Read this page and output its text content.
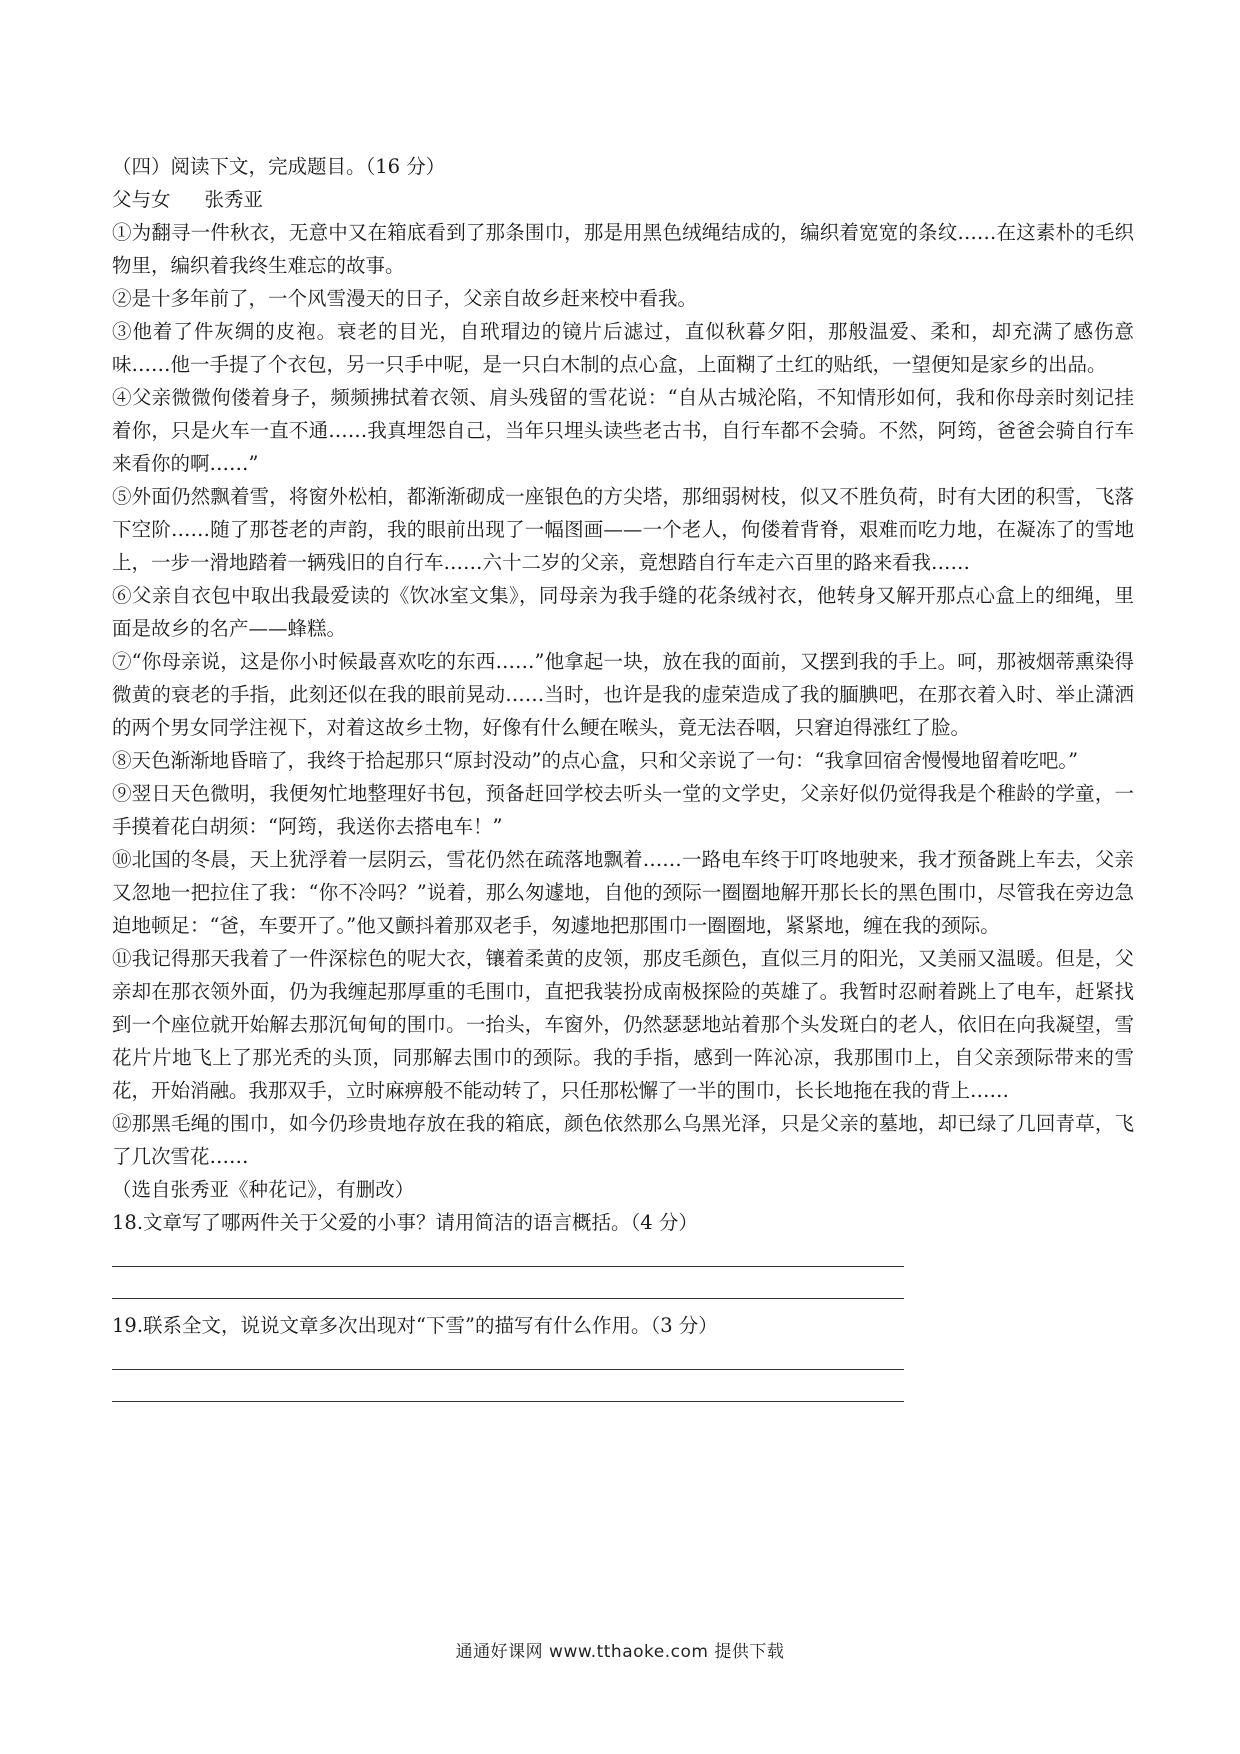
（四）阅读下文，完成题目。（16 分）

父与女 张秀亚

①为翻寻一件秋衣，无意中又在箱底看到了那条围巾，那是用黑色绒绳结成的，编织着宽宽的条纹……在这素朴的毛织物里，编织着我终生难忘的故事。

②是十多年前了，一个风雪漫天的日子，父亲自故乡赶来校中看我。

③他着了件灰绸的皮袍。衰老的目光，自玳瑁边的镜片后滤过，直似秋暮夕阳，那般温爱、柔和，却充满了感伤意味……他一手提了个衣包，另一只手中呢，是一只白木制的点心盒，上面糊了土红的贴纸，一望便知是家乡的出品。

④父亲微微佝偻着身子，频频拂拭着衣领、肩头残留的雪花说：“自从古城沦陷，不知情形如何，我和你母亲时刻记挂着你，只是火车一直不通……我真埋怨自己，当年只埋头读些老古书，自行车都不会骑。不然，阿筠，爸爸会骑自行车来看你的啊……”

⑤外面仍然飘着雪，将窗外松柏，都渐渐砌成一座银色的方尖塔，那细弱树枝，似又不胜负荷，时有大团的积雪，飞落下空阶……随了那苍老的声韵，我的眼前出现了一幅图画——一个老人，佝偻着背脊，艰难而吃力地，在凝冻了的雪地上，一步一滑地踏着一辆残旧的自行车……六十二岁的父亲，竟想踏自行车走六百里的路来看我……

⑥父亲自衣包中取出我最爱读的《饮冰室文集》，同母亲为我手缝的花条绒衬衣，他转身又解开那点心盒上的细绳，里面是故乡的名产——蜂糕。

⑦“你母亲说，这是你小时候最喜欢吃的东西……”他拿起一块，放在我的面前，又摆到我的手上。呵，那被烟蒂熏染得微黄的衰老的手指，此刻还似在我的眼前晃动……当时，也许是我的虚荣造成了我的腼腆吧，在那衣着入时、举止潇洒的两个男女同学注视下，对着这故乡土物，好像有什么鲠在喉头，竟无法吞咽，只窘迫得涨红了脸。

⑧天色渐渐地昏暗了，我终于拾起那只“原封没动”的点心盒，只和父亲说了一句：“我拿回宿舍慢慢地留着吃吧。”

⑨翌日天色微明，我便匆忙地整理好书包，预备赶回学校去听头一堂的文学史，父亲好似仍觉得我是个稚龄的学童，一手摸着花白胡须：“阿筠，我送你去搭电车！”

⑩北国的冬晨，天上犹浮着一层阴云，雪花仍然在疏落地飘着……一路电车终于叮咚地驶来，我才预备跳上车去，父亲又忽地一把拉住了我：“你不冷吗？”说着，那么匆遽地，自他的颈际一圈圈地解开那长长的黑色围巾，尽管我在旁边急迫地顿足：“爸，车要开了。”他又颤抖着那双老手，匆遽地把那围巾一圈圈地，紧紧地，缠在我的颈际。

⑪我记得那天我着了一件深棕色的呢大衣，镶着柔黄的皮领，那皮毛颜色，直似三月的阳光，又美丽又温暖。但是，父亲却在那衣领外面，仍为我缠起那厚重的毛围巾，直把我装扮成南极探险的英雄了。我暂时忍耐着跳上了电车，赶紧找到一个座位就开始解去那沉甸甸的围巾。一抬头，车窗外，仍然瑟瑟地站着那个头发斑白的老人，依旧在向我凝望，雪花片片地飞上了那光秃的头顶，同那解去围巾的颈际。我的手指，感到一阵沁凉，我那围巾上，自父亲颈际带来的雪花，开始消融。我那双手，立时麻痹般不能动转了，只任那松懈了一半的围巾，长长地拖在我的背上……

⑫那黑毛绳的围巾，如今仍珍贵地存放在我的箱底，颜色依然那么乌黑光泽，只是父亲的墓地，却已绿了几回青草，飞了几次雪花……

（选自张秀亚《种花记》，有删改）

18.文章写了哪两件关于父爱的小事？请用简洁的语言概括。（4 分）

19.联系全文，说说文章多次出现对“下雪”的描写有什么作用。（3 分）

通通好课网 www.tthaoke.com 提供下载
